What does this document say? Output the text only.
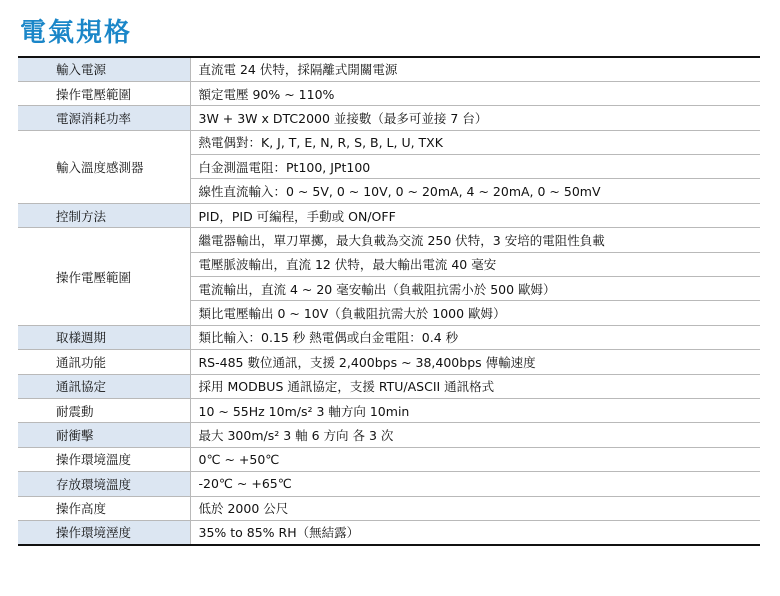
電氣規格
輸入電源	直流電 24 伏特，採隔離式開關電源
操作電壓範圍	額定電壓 90% ~ 110%
電源消耗功率	3W + 3W x DTC2000 並接數（最多可並接 7 台）
輸入溫度感測器	熱電偶對：K, J, T, E, N, R, S, B, L, U, TXK
	白金測溫電阻：Pt100, JPt100
	線性直流輸入：0 ~ 5V, 0 ~ 10V, 0 ~ 20mA, 4 ~ 20mA, 0 ~ 50mV
控制方法	PID，PID 可編程，手動或 ON/OFF
操作電壓範圍	繼電器輸出，單刀單擲，最大負載為交流 250 伏特，3 安培的電阻性負載
	電壓脈波輸出，直流 12 伏特，最大輸出電流 40 毫安
	電流輸出，直流 4 ~ 20 毫安輸出（負載阻抗需小於 500 歐姆）
	類比電壓輸出 0 ~ 10V（負載阻抗需大於 1000 歐姆）
取樣週期	類比輸入：0.15 秒 熱電偶或白金電阻：0.4 秒
通訊功能	RS-485 數位通訊，支援 2,400bps ~ 38,400bps 傳輸速度
通訊協定	採用 MODBUS 通訊協定，支援 RTU/ASCII 通訊格式
耐震動	10 ~ 55Hz 10m/s² 3 軸方向 10min
耐衝擊	最大 300m/s² 3 軸 6 方向 各 3 次
操作環境溫度	0℃ ~ +50℃
存放環境溫度	-20℃ ~ +65℃
操作高度	低於 2000 公尺
操作環境溼度	35% to 85% RH（無結露）
